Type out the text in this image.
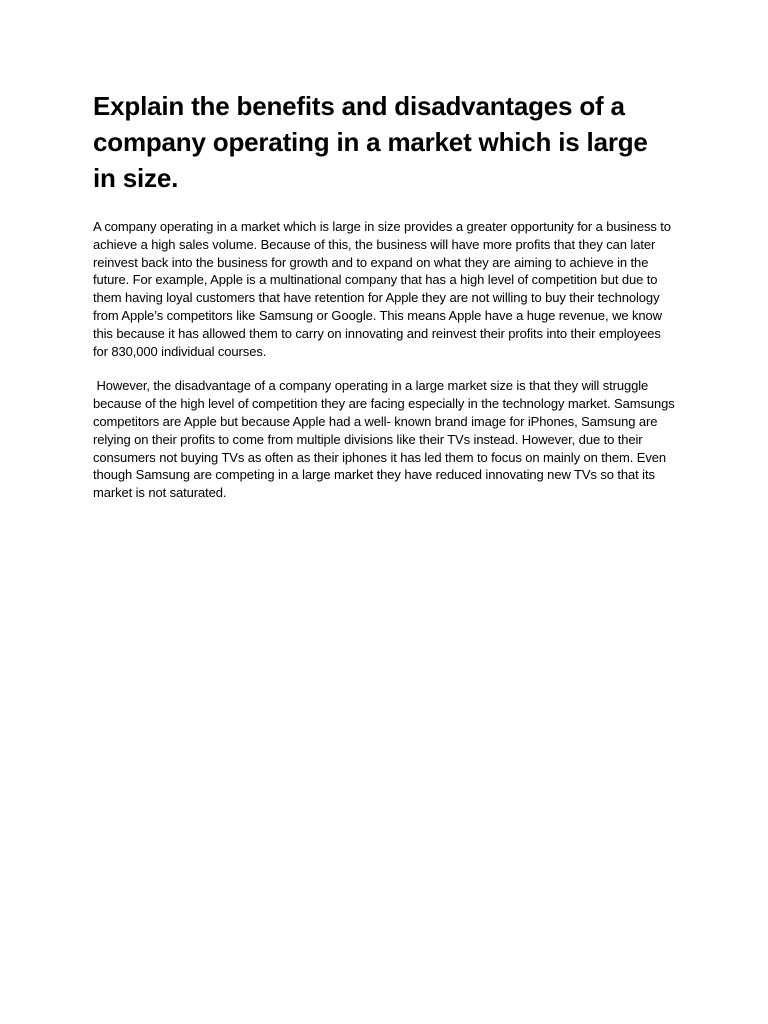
Explain the benefits and disadvantages of a company operating in a market which is large in size.

A company operating in a market which is large in size provides a greater opportunity for a business to achieve a high sales volume. Because of this, the business will have more profits that they can later reinvest back into the business for growth and to expand on what they are aiming to achieve in the future. For example, Apple is a multinational company that has a high level of competition but due to them having loyal customers that have retention for Apple they are not willing to buy their technology from Apple’s competitors like Samsung or Google. This means Apple have a huge revenue, we know this because it has allowed them to carry on innovating and reinvest their profits into their employees for 830,000 individual courses.

However, the disadvantage of a company operating in a large market size is that they will struggle because of the high level of competition they are facing especially in the technology market. Samsungs competitors are Apple but because Apple had a well- known brand image for iPhones, Samsung are relying on their profits to come from multiple divisions like their TVs instead. However, due to their consumers not buying TVs as often as their iphones it has led them to focus on mainly on them. Even though Samsung are competing in a large market they have reduced innovating new TVs so that its market is not saturated.
